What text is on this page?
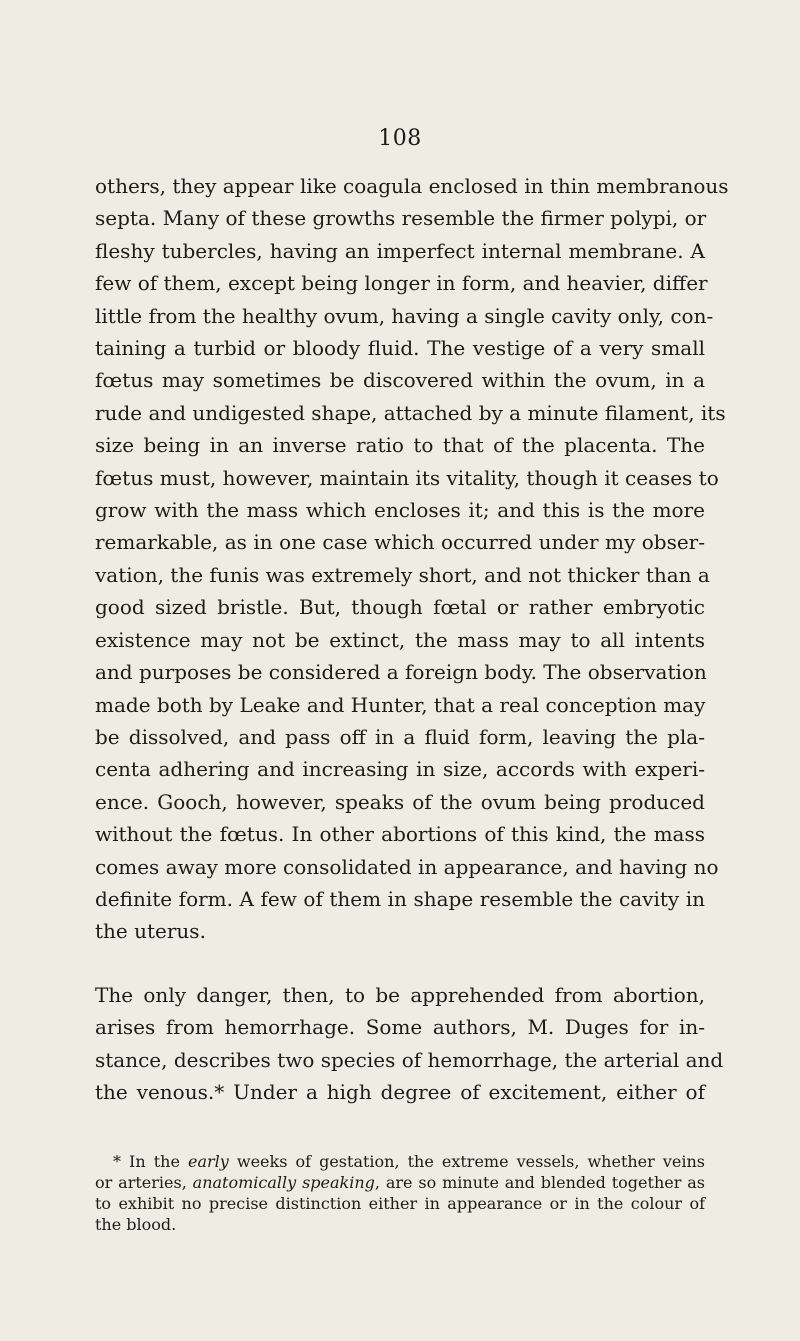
108

others, they appear like coagula enclosed in thin membranous
septa. Many of these growths resemble the firmer polypi, or
fleshy tubercles, having an imperfect internal membrane. A
few of them, except being longer in form, and heavier, differ
little from the healthy ovum, having a single cavity only, con-
taining a turbid or bloody fluid. The vestige of a very small
fœtus may sometimes be discovered within the ovum, in a
rude and undigested shape, attached by a minute filament, its
size being in an inverse ratio to that of the placenta. The
fœtus must, however, maintain its vitality, though it ceases to
grow with the mass which encloses it; and this is the more
remarkable, as in one case which occurred under my obser-
vation, the funis was extremely short, and not thicker than a
good sized bristle. But, though fœtal or rather embryotic
existence may not be extinct, the mass may to all intents
and purposes be considered a foreign body. The observation
made both by Leake and Hunter, that a real conception may
be dissolved, and pass off in a fluid form, leaving the pla-
centa adhering and increasing in size, accords with experi-
ence. Gooch, however, speaks of the ovum being produced
without the fœtus. In other abortions of this kind, the mass
comes away more consolidated in appearance, and having no
definite form. A few of them in shape resemble the cavity in
the uterus.

The only danger, then, to be apprehended from abortion,
arises from hemorrhage. Some authors, M. Duges for in-
stance, describes two species of hemorrhage, the arterial and
the venous.* Under a high degree of excitement, either of

* In the early weeks of gestation, the extreme vessels, whether veins
or arteries, anatomically speaking, are so minute and blended together as
to exhibit no precise distinction either in appearance or in the colour of
the blood.
